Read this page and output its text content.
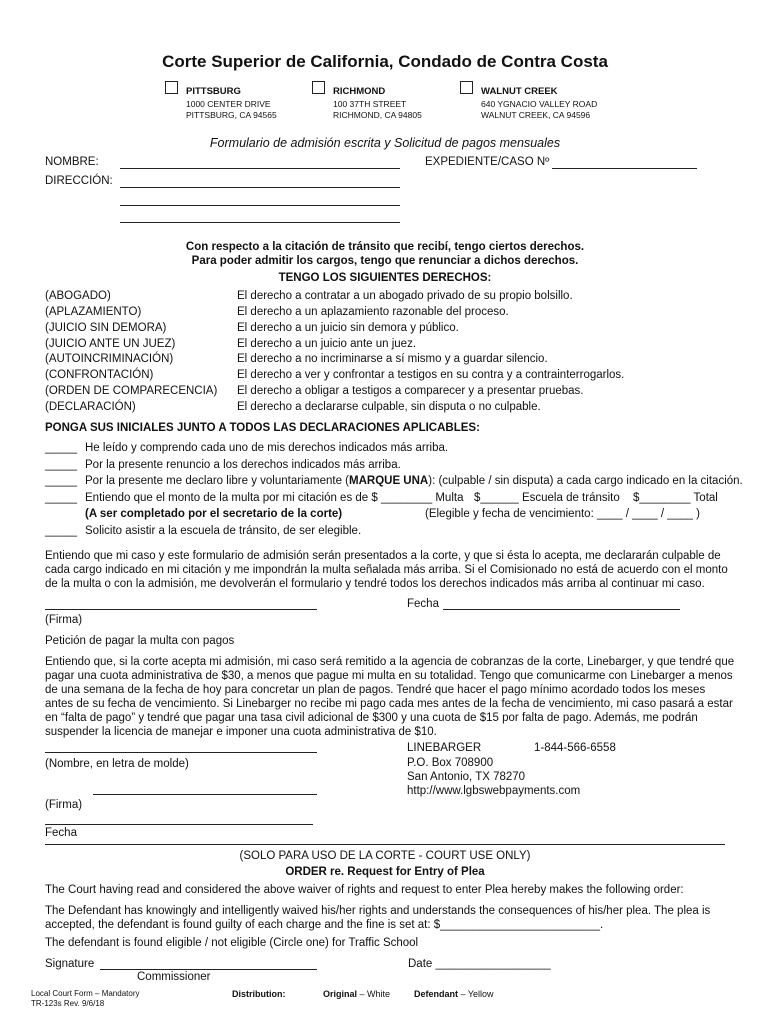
Corte Superior de California, Condado de Contra Costa
PITTSBURG
1000 CENTER DRIVE
PITTSBURG, CA 94565
RICHMOND
100 37TH STREET
RICHMOND, CA 94805
WALNUT CREEK
640 YGNACIO VALLEY ROAD
WALNUT CREEK, CA 94596
Formulario de admisión escrita y Solicitud de pagos mensuales
NOMBRE:	EXPEDIENTE/CASO Nº
DIRECCIÓN:
Con respecto a la citación de tránsito que recibí, tengo ciertos derechos.
Para poder admitir los cargos, tengo que renunciar a dichos derechos.
TENGO LOS SIGUIENTES DERECHOS:
(ABOGADO)	El derecho a contratar a un abogado privado de su propio bolsillo.
(APLAZAMIENTO)	El derecho a un aplazamiento razonable del proceso.
(JUICIO SIN DEMORA)	El derecho a un juicio sin demora y público.
(JUICIO ANTE UN JUEZ)	El derecho a un juicio ante un juez.
(AUTOINCRIMINACIÓN)	El derecho a no incriminarse a sí mismo y a guardar silencio.
(CONFRONTACIÓN)	El derecho a ver y confrontar a testigos en su contra y a contrainterrogarlos.
(ORDEN DE COMPARECENCIA) El derecho a obligar a testigos a comparecer y a presentar pruebas.
(DECLARACIÓN)	El derecho a declararse culpable, sin disputa o no culpable.
PONGA SUS INICIALES JUNTO A TODOS LAS DECLARACIONES APLICABLES:
_____ He leído y comprendo cada uno de mis derechos indicados más arriba.
_____ Por la presente renuncio a los derechos indicados más arriba.
_____ Por la presente me declaro libre y voluntariamente (MARQUE UNA): (culpable / sin disputa) a cada cargo indicado en la citación.
_____ Entiendo que el monto de la multa por mi citación es de $ ________ Multa $______ Escuela de tránsito $________ Total
(A ser completado por el secretario de la corte)	(Elegible y fecha de vencimiento: ____ / ____ / ____ )
_____ Solicito asistir a la escuela de tránsito, de ser elegible.
Entiendo que mi caso y este formulario de admisión serán presentados a la corte, y que si ésta lo acepta, me declararán culpable de cada cargo indicado en mi citación y me impondrán la multa señalada más arriba. Si el Comisionado no está de acuerdo con el monto de la multa o con la admisión, me devolverán el formulario y tendré todos los derechos indicados más arriba al continuar mi caso.
Fecha
(Firma)
Petición de pagar la multa con pagos
Entiendo que, si la corte acepta mi admisión, mi caso será remitido a la agencia de cobranzas de la corte, Linebarger, y que tendré que pagar una cuota administrativa de $30, a menos que pague mi multa en su totalidad. Tengo que comunicarme con Linebarger a menos de una semana de la fecha de hoy para concretar un plan de pagos. Tendré que hacer el pago mínimo acordado todos los meses antes de su fecha de vencimiento. Si Linebarger no recibe mi pago cada mes antes de la fecha de vencimiento, mi caso pasará a estar en “falta de pago” y tendré que pagar una tasa civil adicional de $300 y una cuota de $15 por falta de pago. Además, me podrán suspender la licencia de manejar e imponer una cuota administrativa de $10.
(Nombre, en letra de molde)
(Firma)
Fecha
LINEBARGER	1-844-566-6558
P.O. Box 708900
San Antonio, TX 78270
http://www.lgbswebpayments.com
(SOLO PARA USO DE LA CORTE - COURT USE ONLY)
ORDER re. Request for Entry of Plea
The Court having read and considered the above waiver of rights and request to enter Plea hereby makes the following order:
The Defendant has knowingly and intelligently waived his/her rights and understands the consequences of his/her plea. The plea is accepted, the defendant is found guilty of each charge and the fine is set at: $_________________________.
The defendant is found eligible / not eligible (Circle one) for Traffic School
Signature	Date __________________
Commissioner
Local Court Form – Mandatory
TR-123s Rev. 9/6/18
Distribution:	Original – White	Defendant – Yellow
